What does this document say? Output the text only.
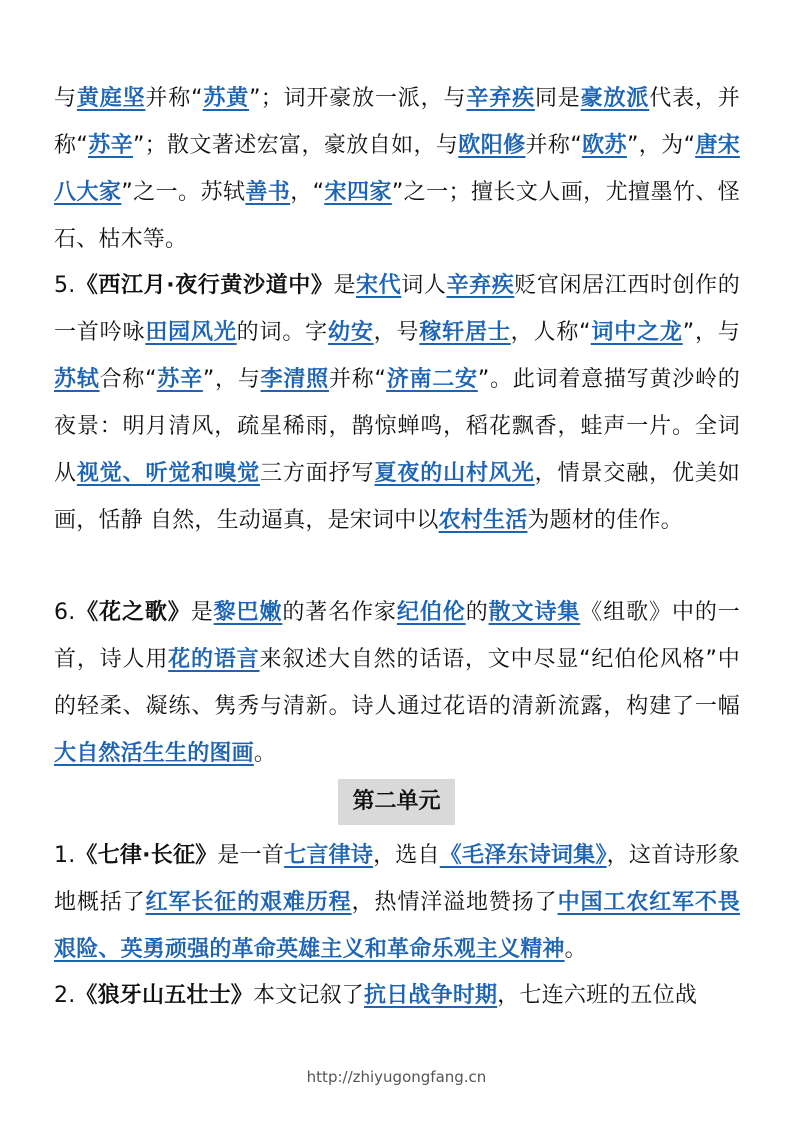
与黄庭坚并称“苏黄”；词开豪放一派，与辛弃疾同是豪放派代表，并称“苏辛”；散文著述宏富，豪放自如，与欧阳修并称“欧苏”，为“唐宋八大家”之一。苏轼善书，“宋四家”之一；擅长文人画，尤擅墨竹、怪石、枯木等。

5.《西江月·夜行黄沙道中》是宋代词人辛弃疾贬官闲居江西时创作的一首吟咏田园风光的词。字幼安，号稼轩居士，人称“词中之龙”，与苏轼合称“苏辛”，与李清照并称“济南二安”。此词着意描写黄沙岭的夜景：明月清风，疏星稀雨，鹊惊蝉鸣，稻花飘香，蛙声一片。全词从视觉、听觉和嗅觉三方面抒写夏夜的山村风光，情景交融，优美如画，恬静 自然，生动逼真，是宋词中以农村生活为题材的佳作。

6.《花之歌》是黎巴嫩的著名作家纪伯伦的散文诗集《组歌》中的一首，诗人用花的语言来叙述大自然的话语，文中尽显“纪伯伦风格”中的轻柔、凝练、隽秀与清新。诗人通过花语的清新流露，构建了一幅大自然活生生的图画。

第二单元

1.《七律·长征》是一首七言律诗，选自《毛泽东诗词集》，这首诗形象地概括了红军长征的艰难历程，热情洋溢地赞扬了中国工农红军不畏艰险、英勇顽强的革命英雄主义和革命乐观主义精神。

2.《狼牙山五壮士》本文记叙了抗日战争时期，七连六班的五位战

http://zhiyugongfang.cn
